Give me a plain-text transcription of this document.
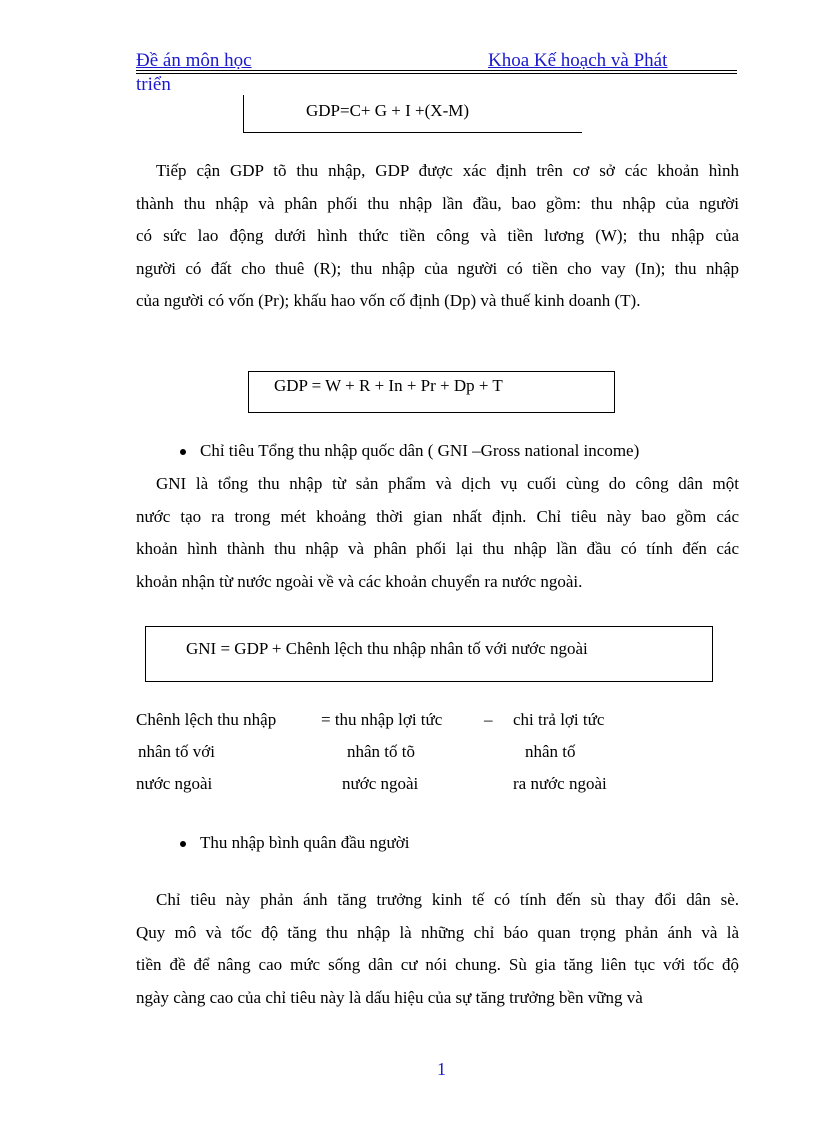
Đề án môn học	Khoa Kế hoạch và Phát
triển
GDP=C+ G + I +(X-M)
Tiếp cận GDP tõ thu nhập, GDP được xác định trên cơ sở các khoản hình
thành thu nhập và phân phối thu nhập lần đầu, bao gồm: thu nhập của người
có sức lao động dưới hình thức tiền công và tiền lương (W); thu nhập của
người có đất cho thuê (R); thu nhập của người có tiền cho vay (In); thu nhập
của người có vốn (Pr); khấu hao vốn cố định (Dp) và thuế kinh doanh (T).
GDP = W + R + In + Pr + Dp + T
Chỉ tiêu Tổng thu nhập quốc dân ( GNI –Gross national income)
GNI là tổng thu nhập từ sản phẩm và dịch vụ cuối cùng do công dân một
nước tạo ra trong mét khoảng thời gian nhất định. Chỉ tiêu này bao gồm các
khoản hình thành thu nhập và phân phối lại thu nhập lần đầu có tính đến các
khoản nhận từ nước ngoài về và các khoản chuyển ra nước ngoài.
GNI = GDP + Chênh lệch thu nhập nhân tố với nước ngoài
Chênh lệch thu nhập
nhân tố với
nước ngoài
= thu nhập lợi tức
nhân tố tõ
nước ngoài
– chi trả lợi tức
nhân tố
ra nước ngoài
Thu nhập bình quân đầu người
Chỉ tiêu này phản ánh tăng trưởng kinh tế có tính đến sù thay đổi dân sè.
Quy mô và tốc độ tăng thu nhập là những chỉ báo quan trọng phản ánh và là
tiền đề để nâng cao mức sống dân cư nói chung. Sù gia tăng liên tục với tốc độ
ngày càng cao của chỉ tiêu này là dấu hiệu của sự tăng trưởng bền vững và
1
